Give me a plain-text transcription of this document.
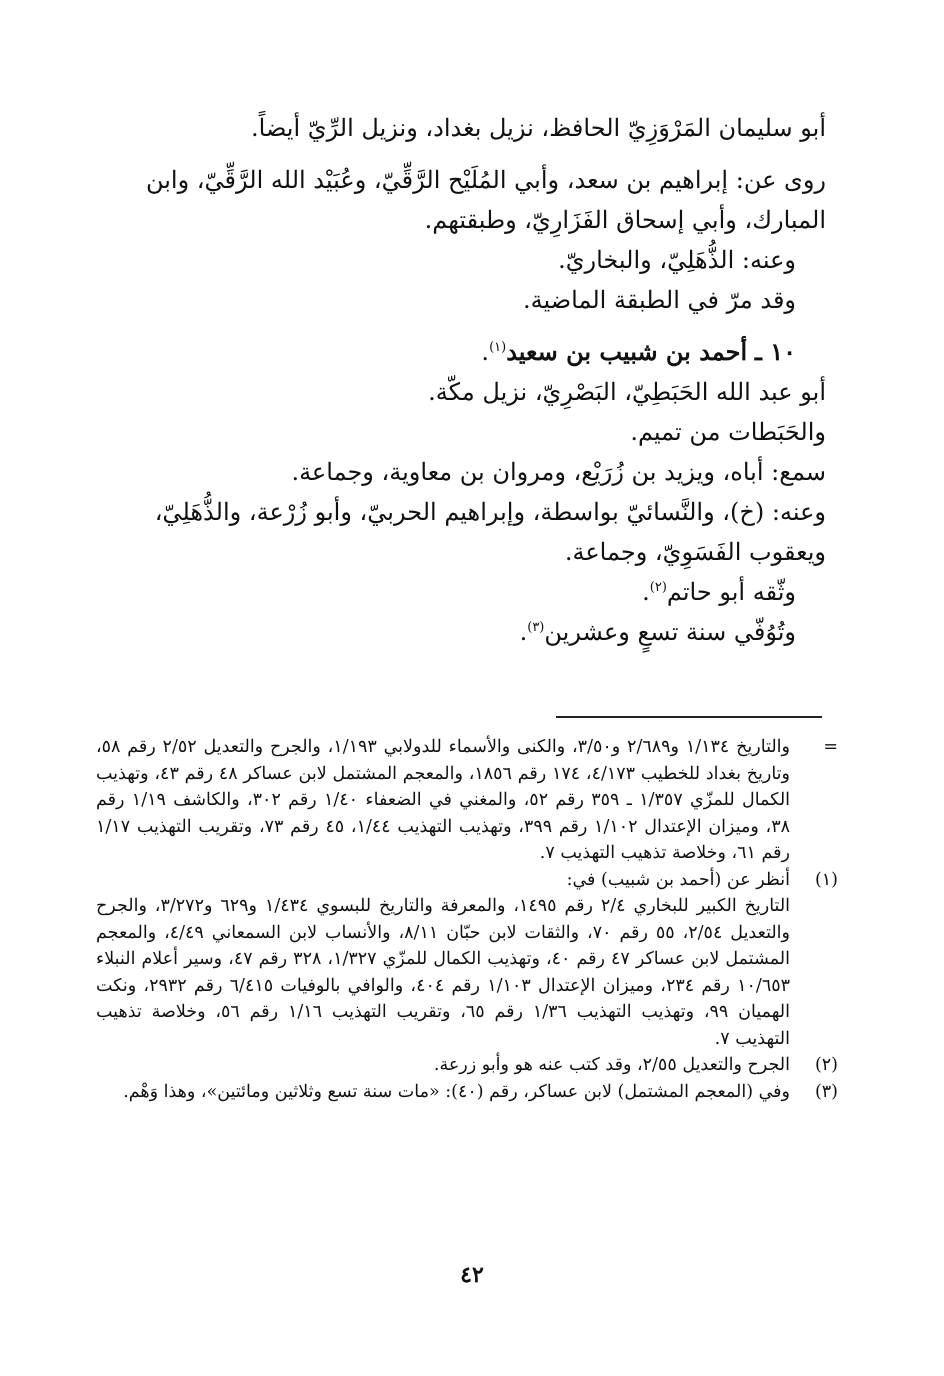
أبو سليمان المَرْوَزِيّ الحافظ، نزيل بغداد، ونزيل الرِّيّ أيضاً.

روى عن: إبراهيم بن سعد، وأبي المُلَيْح الرَّقِّيّ، وعُبَيْد الله الرَّقِّيّ، وابن المبارك، وأبي إسحاق الفَزَارِيّ، وطبقتهم.

وعنه: الذُّهَلِيّ، والبخاريّ.

وقد مرّ في الطبقة الماضية.

١٠ ـ أحمد بن شبيب بن سعيد$^{(١)}$.

أبو عبد الله الحَبَطِيّ، البَصْرِيّ، نزيل مكّة.

والحَبَطات من تميم.

سمع: أباه، ويزيد بن زُرَيْع، ومروان بن معاوية، وجماعة.

وعنه: (خ)، والنَّسائيّ بواسطة، وإبراهيم الحربيّ، وأبو زُرْعة، والذُّهَلِيّ، ويعقوب الفَسَوِيّ، وجماعة.

وثّقه أبو حاتم$^{(٢)}$.

وتُوُفّي سنة تسعٍ وعشرين$^{(٣)}$.

=

والتاريخ ١/١٣٤ و٢/٦٨٩ و٣/٥٠، والكنى والأسماء للدولابي ١/١٩٣، والجرح والتعديل ٢/٥٢ رقم ٥٨، وتاريخ بغداد للخطيب ٤/١٧٣، ١٧٤ رقم ١٨٥٦، والمعجم المشتمل لابن عساكر ٤٨ رقم ٤٣، وتهذيب الكمال للمزّي ١/٣٥٧ ـ ٣٥٩ رقم ٥٢، والمغني في الضعفاء ١/٤٠ رقم ٣٠٢، والكاشف ١/١٩ رقم ٣٨، وميزان الإعتدال ١/١٠٢ رقم ٣٩٩، وتهذيب التهذيب ١/٤٤، ٤٥ رقم ٧٣، وتقريب التهذيب ١/١٧ رقم ٦١، وخلاصة تذهيب التهذيب ٧.

(١)

أنظر عن (أحمد بن شبيب) في:

التاريخ الكبير للبخاري ٢/٤ رقم ١٤٩٥، والمعرفة والتاريخ للبسوي ١/٤٣٤ و٦٢٩ و٣/٢٧٢، والجرح والتعديل ٢/٥٤، ٥٥ رقم ٧٠، والثقات لابن حبّان ٨/١١، والأنساب لابن السمعاني ٤/٤٩، والمعجم المشتمل لابن عساكر ٤٧ رقم ٤٠، وتهذيب الكمال للمزّي ١/٣٢٧، ٣٢٨ رقم ٤٧، وسير أعلام النبلاء ١٠/٦٥٣ رقم ٢٣٤، وميزان الإعتدال ١/١٠٣ رقم ٤٠٤، والوافي بالوفيات ٦/٤١٥ رقم ٢٩٣٢، ونكت الهميان ٩٩، وتهذيب التهذيب ١/٣٦ رقم ٦٥، وتقريب التهذيب ١/١٦ رقم ٥٦، وخلاصة تذهيب التهذيب ٧.

(٢)

الجرح والتعديل ٢/٥٥، وقد كتب عنه هو وأبو زرعة.

(٣)

وفي (المعجم المشتمل) لابن عساكر، رقم (٤٠): «مات سنة تسع وثلاثين ومائتين»، وهذا وَهْم.

٤٢
